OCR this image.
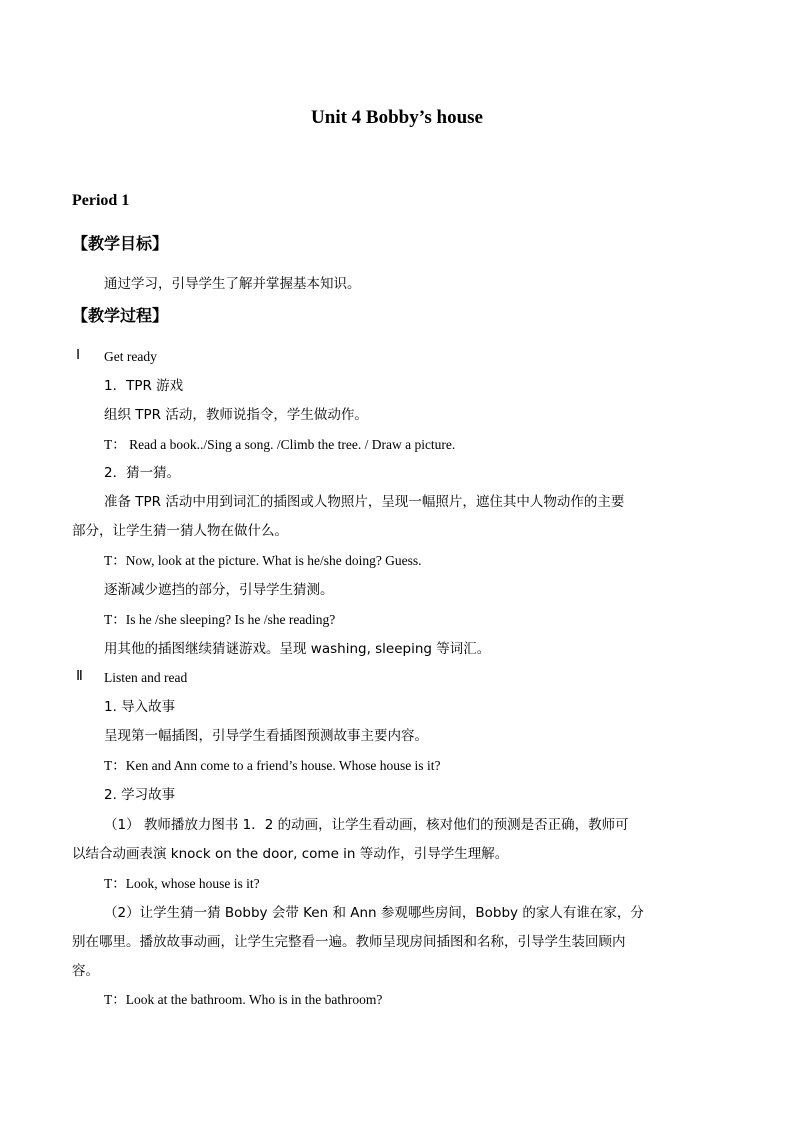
Unit 4 Bobby’s house
Period 1
【教学目标】
通过学习，引导学生了解并掌握基本知识。
【教学过程】
Ⅰ Get ready
1．TPR 游戏
组织 TPR 活动，教师说指令，学生做动作。
T： Read a book../Sing a song. /Climb the tree. / Draw a picture.
2．猜一猜。
准备 TPR 活动中用到词汇的插图或人物照片，呈现一幅照片，遮住其中人物动作的主要
部分，让学生猜一猜人物在做什么。
T：Now, look at the picture. What is he/she doing? Guess.
逐渐减少遮挡的部分，引导学生猜测。
T：Is he /she sleeping? Is he /she reading?
用其他的插图继续猜谜游戏。呈现 washing, sleeping 等词汇。
Ⅱ Listen and read
1. 导入故事
呈现第一幅插图，引导学生看插图预测故事主要内容。
T：Ken and Ann come to a friend’s house. Whose house is it?
2. 学习故事
（1） 教师播放力图书 1．2 的动画，让学生看动画，核对他们的预测是否正确，教师可
以结合动画表演 knock on the door, come in 等动作，引导学生理解。
T：Look, whose house is it?
（2）让学生猜一猜 Bobby 会带 Ken 和 Ann 参观哪些房间，Bobby 的家人有谁在家，分
别在哪里。播放故事动画，让学生完整看一遍。教师呈现房间插图和名称，引导学生装回顾内
容。
T：Look at the bathroom. Who is in the bathroom?
